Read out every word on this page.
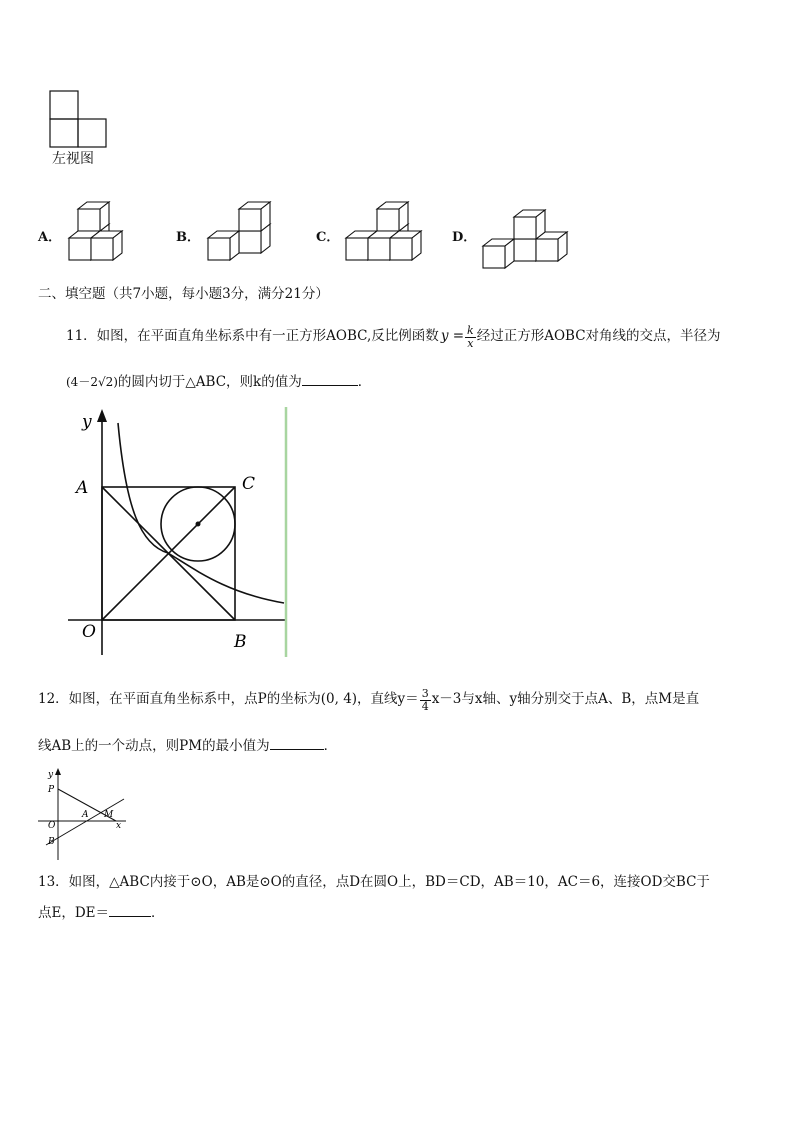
左视图
A．	B．	C．	D．
二、填空题（共7小题，每小题3分，满分21分）
11．如图，在平面直角坐标系中有一正方形AOBC,反比例函数 $y = \frac{k}{x}$ 经过正方形AOBC对角线的交点，半径为
(4－2√2)的圆内切于△ABC，则k的值为	．
y
A	C
O	B
12．如图，在平面直角坐标系中，点P的坐标为(0, 4)，直线$y= \frac{3}{4} x-3$与x轴、y轴分别交于点A、B，点M是直
线AB上的一个动点，则PM的最小值为	．
y
P
A M
x
O
B
13．如图，△ABC内接于⊙O，AB是⊙O的直径，点D在圆O上，BD＝CD，AB＝10，AC＝6，连接OD交BC于
点E，DE＝	．
